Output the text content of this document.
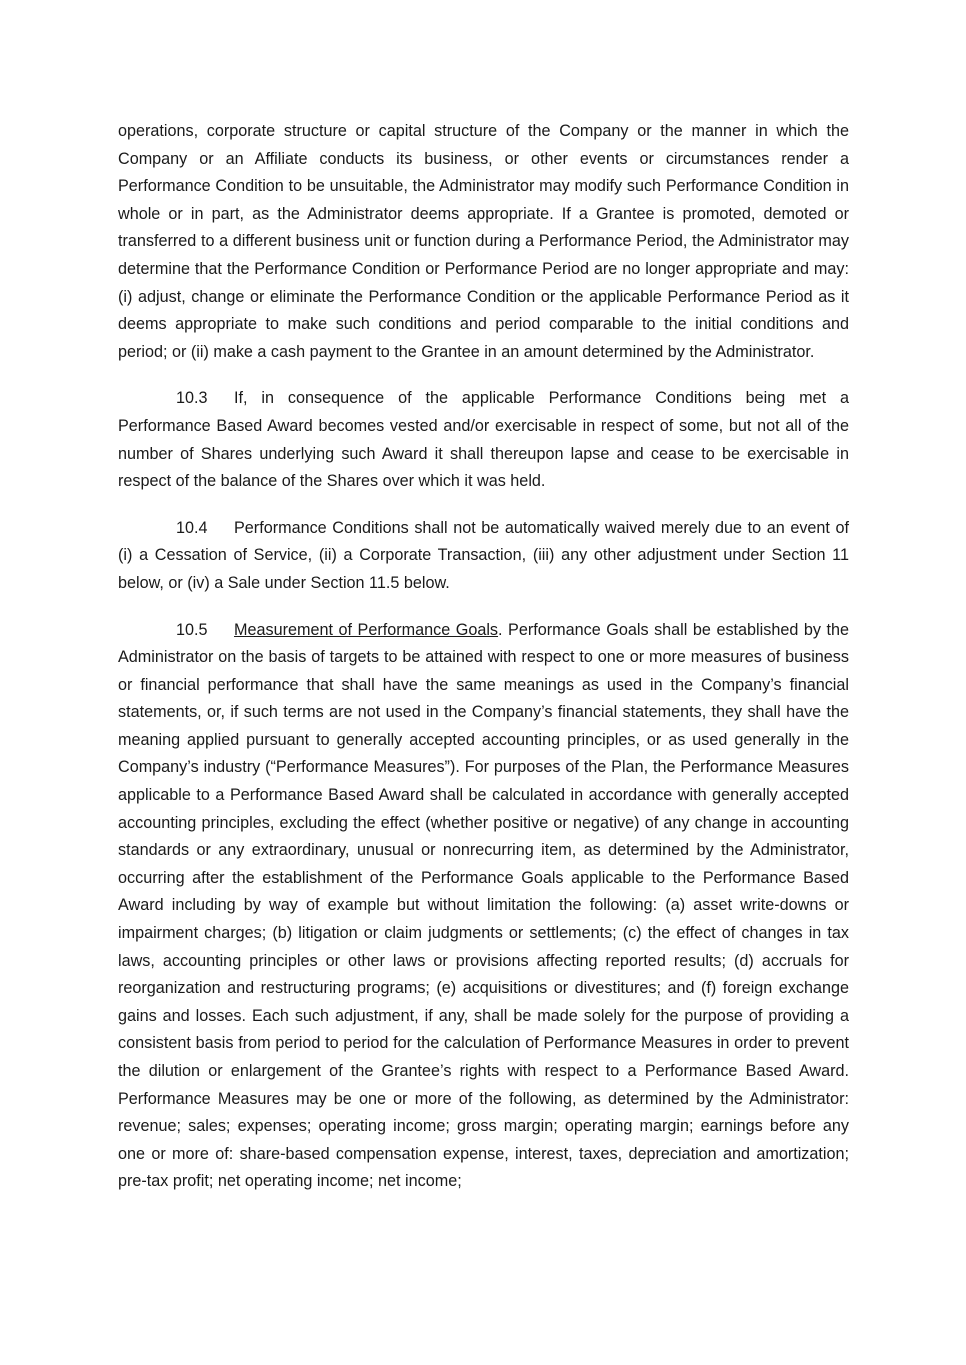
operations, corporate structure or capital structure of the Company or the manner in which the Company or an Affiliate conducts its business, or other events or circumstances render a Performance Condition to be unsuitable, the Administrator may modify such Performance Condition in whole or in part, as the Administrator deems appropriate. If a Grantee is promoted, demoted or transferred to a different business unit or function during a Performance Period, the Administrator may determine that the Performance Condition or Performance Period are no longer appropriate and may: (i) adjust, change or eliminate the Performance Condition or the applicable Performance Period as it deems appropriate to make such conditions and period comparable to the initial conditions and period; or (ii) make a cash payment to the Grantee in an amount determined by the Administrator.

10.3 If, in consequence of the applicable Performance Conditions being met a Performance Based Award becomes vested and/or exercisable in respect of some, but not all of the number of Shares underlying such Award it shall thereupon lapse and cease to be exercisable in respect of the balance of the Shares over which it was held.

10.4 Performance Conditions shall not be automatically waived merely due to an event of (i) a Cessation of Service, (ii) a Corporate Transaction, (iii) any other adjustment under Section 11 below, or (iv) a Sale under Section 11.5 below.

10.5 Measurement of Performance Goals. Performance Goals shall be established by the Administrator on the basis of targets to be attained with respect to one or more measures of business or financial performance that shall have the same meanings as used in the Company’s financial statements, or, if such terms are not used in the Company’s financial statements, they shall have the meaning applied pursuant to generally accepted accounting principles, or as used generally in the Company’s industry (“Performance Measures”). For purposes of the Plan, the Performance Measures applicable to a Performance Based Award shall be calculated in accordance with generally accepted accounting principles, excluding the effect (whether positive or negative) of any change in accounting standards or any extraordinary, unusual or nonrecurring item, as determined by the Administrator, occurring after the establishment of the Performance Goals applicable to the Performance Based Award including by way of example but without limitation the following: (a) asset write-downs or impairment charges; (b) litigation or claim judgments or settlements; (c) the effect of changes in tax laws, accounting principles or other laws or provisions affecting reported results; (d) accruals for reorganization and restructuring programs; (e) acquisitions or divestitures; and (f) foreign exchange gains and losses. Each such adjustment, if any, shall be made solely for the purpose of providing a consistent basis from period to period for the calculation of Performance Measures in order to prevent the dilution or enlargement of the Grantee’s rights with respect to a Performance Based Award. Performance Measures may be one or more of the following, as determined by the Administrator: revenue; sales; expenses; operating income; gross margin; operating margin; earnings before any one or more of: share-based compensation expense, interest, taxes, depreciation and amortization; pre-tax profit; net operating income; net income;
